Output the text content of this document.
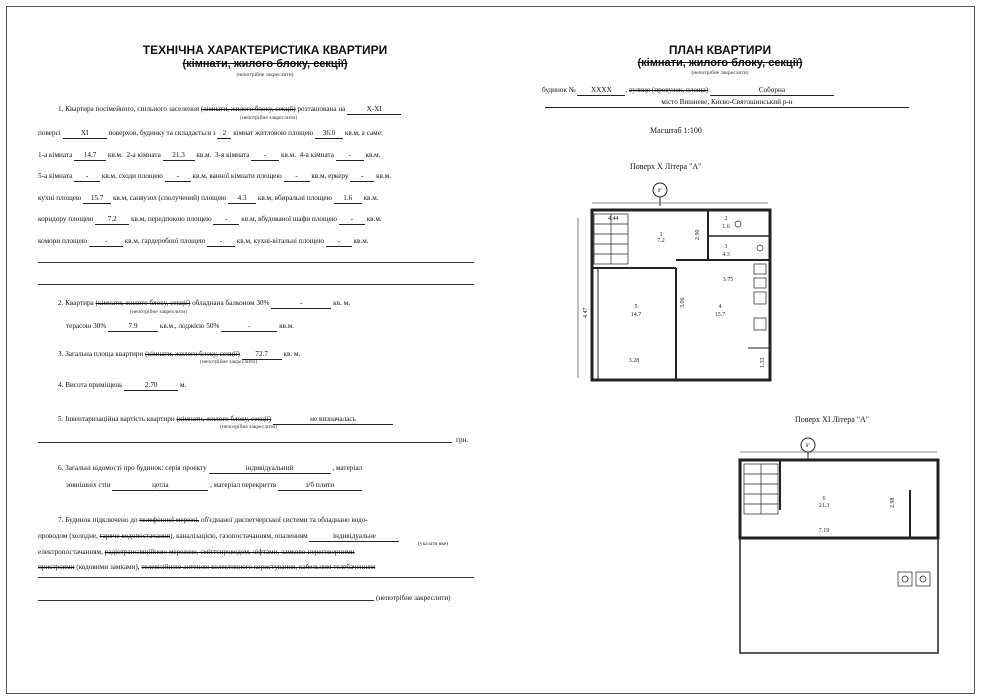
ТЕХНІЧНА ХАРАКТЕРИСТИКА КВАРТИРИ
(кімнати, жилого блоку, секції)
(непотрібне закреслити)
1. Квартира посімейного, спільного заселення (кімнати, жилого блоку, секції) розташована на	X-XI
(непотрібне закреслити)
поверсі	XI	поверхов, будинку та складається з 2 кімнат житловою площею 36.0 кв.м, а саме:
1-а кімната 14.7 кв.м. 2-а кімната 21.3 кв.м. 3-я кімната - кв.м. 4-а кімната - кв.м.
5-а кімната - кв.м, сходи площею - кв.м, ванної кімнати площею - кв.м, еркеру - кв.м.
кухні площею 15.7 кв.м, санвузол (сполучений) площею 4.3 кв.м, вбиральні площею 1.6 кв.м.
коридору площею 7.2 кв.м, передпокою площею - кв.м, вбудованої шафи площею - кв.м.
комори площею - кв.м, гардеробної площею - кв.м, кухні-вітальні площею - кв.м.
2. Квартира (кімнати, жилого блоку, секції) обладнана балконом 30%	-	кв. м,
(непотрібне закреслити)
терасою 30%	7.9	кв.м., лоджією 50%	-	кв.м.
3. Загальна площа квартири (кімнати, жилого блоку, секції) 72.7 кв. м.
(непотрібне закреслити)
4. Висота приміщень	2.70	м.
5. Інвентаризаційна вартість квартири (кімнати, жилого блоку, секції)	не визначалась
(непотрібне закреслити)
грн.
6. Загальні відомості про будинок: серія проекту	індивідуальний	, матеріал
зовнішніх стін	цегла	, матеріал перекриття	з/б плити
7. Будинок підключено до телефонної мережі, об'єднаної диспетчерської системи та обладнано водо-
проводом (холодне, гаряче водопостачання), каналізацією, газопостачанням, опаленням	індивідуальне
(указати яке)
електропостачанням, радіотрансляційною мережею, сміттєпроводом, ліфтами, замково-переговорними
пристроями (кодовими замками), телевізійною антеною колективного користування, кабельним телебаченням
(непотрібне закреслити)
ПЛАН КВАРТИРИ
(кімнати, жилого блоку, секції)
(непотрібне закреслити)
будинок № XXXX , вулиця (провулок, площа)	Соборна
місто Вишневе, Києво-Святошинський р-н
Масштаб 1:100
Поверх X Літера "А"
Поверх XI Літера "А"
8"
4.44
1
7.2
2.90
2
1.6
3
4.3
3.75
4.47
5
14.7
3.06	4
15.7
3.28	1.33
8"
6
21.3	2.98
7.19
